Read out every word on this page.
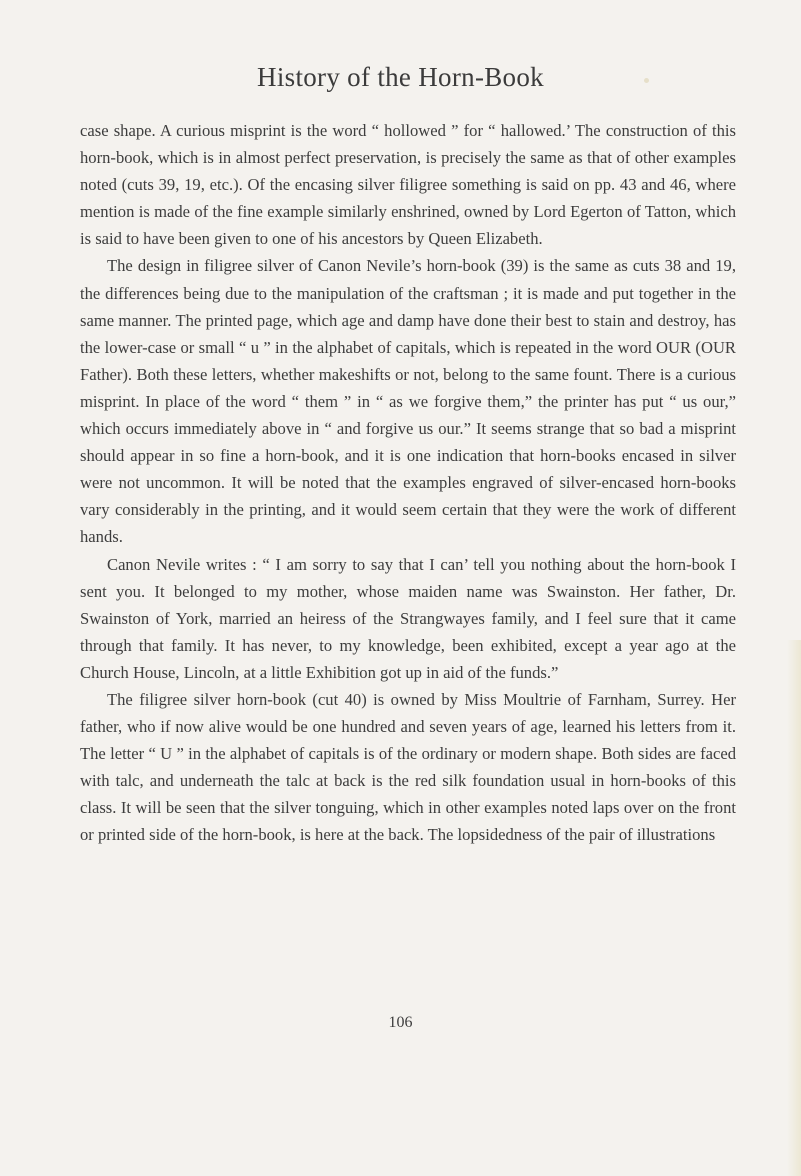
History of the Horn-Book

case shape. A curious misprint is the word “ hollowed ” for “ hallowed.’ The construction of this horn-book, which is in almost perfect preservation, is precisely the same as that of other examples noted (cuts 39, 19, etc.). Of the encasing silver filigree something is said on pp. 43 and 46, where mention is made of the fine example similarly enshrined, owned by Lord Egerton of Tatton, which is said to have been given to one of his ancestors by Queen Elizabeth.

The design in filigree silver of Canon Nevile’s horn-book (39) is the same as cuts 38 and 19, the differences being due to the manipulation of the craftsman ; it is made and put together in the same manner. The printed page, which age and damp have done their best to stain and destroy, has the lower-case or small “ u ” in the alphabet of capitals, which is repeated in the word OUR (OUR Father). Both these letters, whether makeshifts or not, belong to the same fount. There is a curious misprint. In place of the word “ them ” in “ as we forgive them,” the printer has put “ us our,” which occurs immediately above in “ and forgive us our.” It seems strange that so bad a misprint should appear in so fine a horn-book, and it is one indication that horn-books encased in silver were not uncommon. It will be noted that the examples engraved of silver-encased horn-books vary considerably in the printing, and it would seem certain that they were the work of different hands.

Canon Nevile writes : “ I am sorry to say that I can’ tell you nothing about the horn-book I sent you. It belonged to my mother, whose maiden name was Swainston. Her father, Dr. Swainston of York, married an heiress of the Strangwayes family, and I feel sure that it came through that family. It has never, to my knowledge, been exhibited, except a year ago at the Church House, Lincoln, at a little Exhibition got up in aid of the funds.”

The filigree silver horn-book (cut 40) is owned by Miss Moultrie of Farnham, Surrey. Her father, who if now alive would be one hundred and seven years of age, learned his letters from it. The letter “ U ” in the alphabet of capitals is of the ordinary or modern shape. Both sides are faced with talc, and underneath the talc at back is the red silk foundation usual in horn-books of this class. It will be seen that the silver tonguing, which in other examples noted laps over on the front or printed side of the horn-book, is here at the back. The lopsidedness of the pair of illustrations

106
